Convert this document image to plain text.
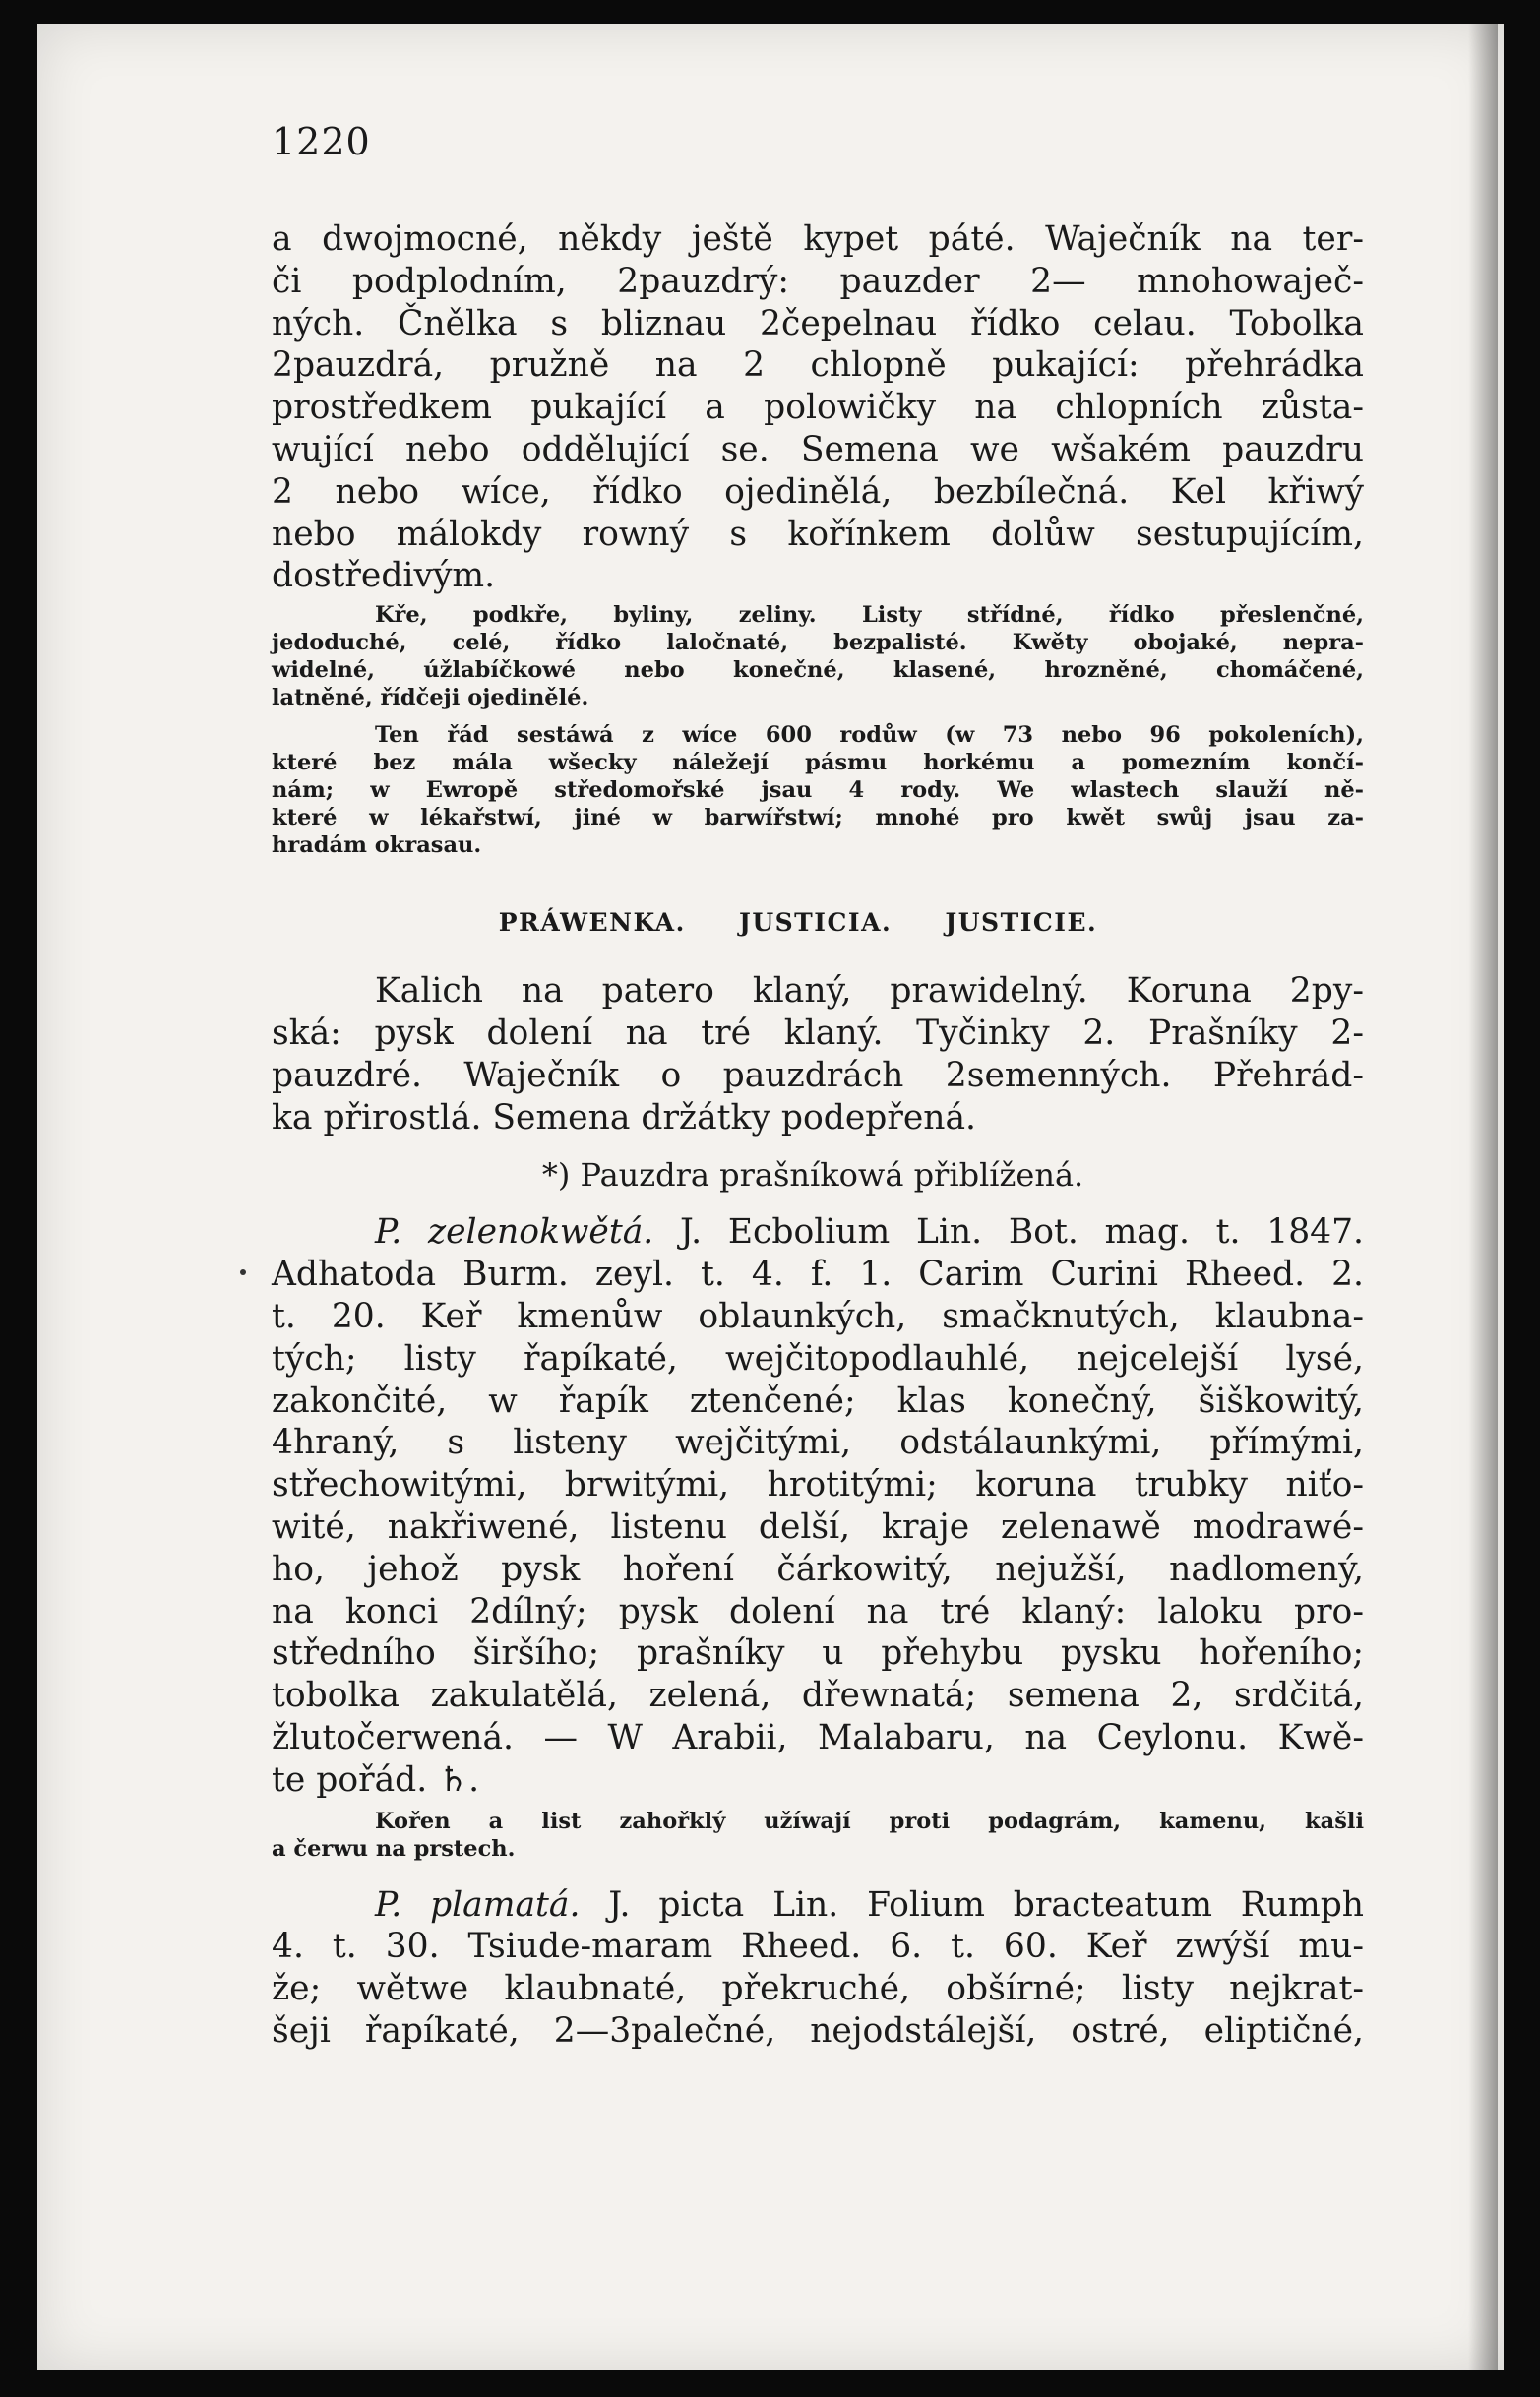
1220
a dwojmocné, někdy ještě kypet páté. Waječník na ter-
či podplodním, 2pauzdrý: pauzder 2— mnohowaječ-
ných. Čnělka s bliznau 2čepelnau řídko celau. Tobolka
2pauzdrá, pružně na 2 chlopně pukající: přehrádka
prostředkem pukající a polowičky na chlopních zůsta-
wující nebo oddělující se. Semena we wšakém pauzdru
2 nebo wíce, řídko ojedinělá, bezbílečná. Kel křiwý
nebo málokdy rowný s kořínkem dolůw sestupujícím,
dostředivým.
Kře, podkře, byliny, zeliny. Listy střídné, řídko přeslenčné,
jedoduché, celé, řídko laločnaté, bezpalisté. Kwěty obojaké, nepra-
widelné, úžlabíčkowé nebo konečné, klasené, hrozněné, chomáčené,
latněné, řídčeji ojedinělé.
Ten řád sestáwá z wíce 600 rodůw (w 73 nebo 96 pokoleních),
které bez mála wšecky náležejí pásmu horkému a pomezním končí-
nám; w Ewropě středomořské jsau 4 rody. We wlastech slauží ně-
které w lékařstwí, jiné w barwířstwí; mnohé pro kwět swůj jsau za-
hradám okrasau.
PRÁWENKA. JUSTICIA. JUSTICIE.
Kalich na patero klaný, prawidelný. Koruna 2py-
ská: pysk dolení na tré klaný. Tyčinky 2. Prašníky 2-
pauzdré. Waječník o pauzdrách 2semenných. Přehrád-
ka přirostlá. Semena držátky podepřená.
*) Pauzdra prašníkowá přiblížená.
P. zelenokwětá. J. Ecbolium Lin. Bot. mag. t. 1847.
Adhatoda Burm. zeyl. t. 4. f. 1. Carim Curini Rheed. 2.
t. 20. Keř kmenůw oblaunkých, smačknutých, klaubna-
tých; listy řapíkaté, wejčitopodlauhlé, nejcelejší lysé,
zakončité, w řapík ztenčené; klas konečný, šiškowitý,
4hraný, s listeny wejčitými, odstálaunkými, přímými,
střechowitými, brwitými, hrotitými; koruna trubky niťo-
wité, nakřiwené, listenu delší, kraje zelenawě modrawé-
ho, jehož pysk hoření čárkowitý, nejužší, nadlomený,
na konci 2dílný; pysk dolení na tré klaný: laloku pro-
středního širšího; prašníky u přehybu pysku hořeního;
tobolka zakulatělá, zelená, dřewnatá; semena 2, srdčitá,
žlutočerwená. — W Arabii, Malabaru, na Ceylonu. Kwě-
te pořád. ♄.
Kořen a list zahořklý užíwají proti podagrám, kamenu, kašli
a čerwu na prstech.
P. plamatá. J. picta Lin. Folium bracteatum Rumph
4. t. 30. Tsiude-maram Rheed. 6. t. 60. Keř zwýší mu-
že; wětwe klaubnaté, překruché, obšírné; listy nejkrat-
šeji řapíkaté, 2—3palečné, nejodstálejší, ostré, eliptičné,
